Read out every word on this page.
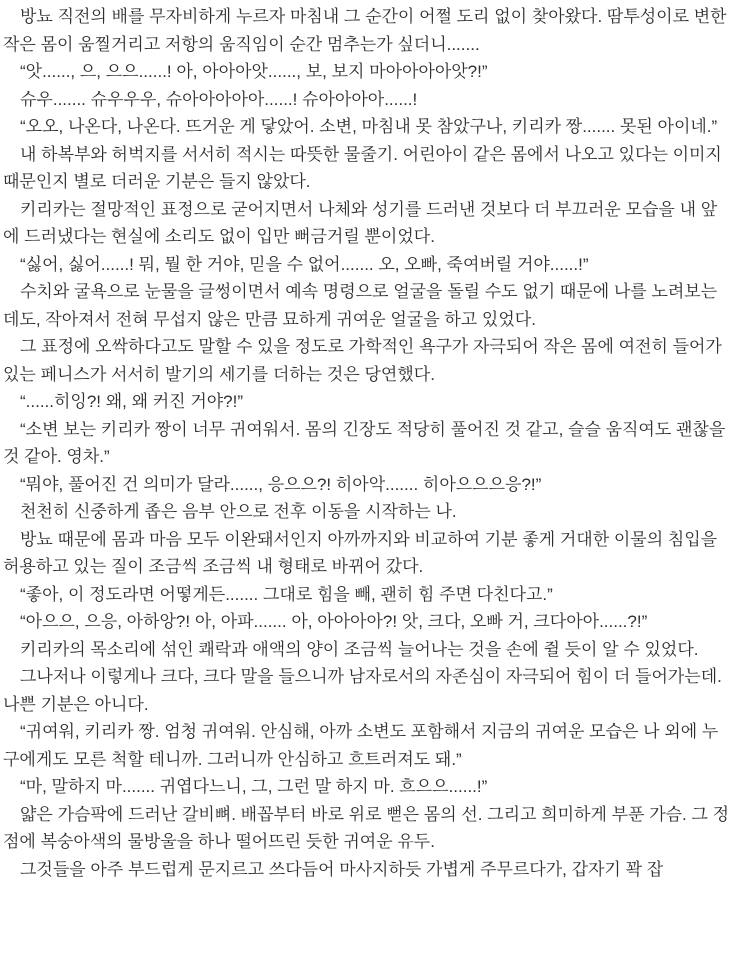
방뇨 직전의 배를 무자비하게 누르자 마침내 그 순간이 어쩔 도리 없이 찾아왔다. 땀투성이로 변한 작은 몸이 움찔거리고 저항의 움직임이 순간 멈추는가 싶더니.......

“앗......, 으, 으으......! 아, 아아아앗......, 보, 보지 마아아아아앗?!”

슈우....... 슈우우우, 슈아아아아아......! 슈아아아아......!

“오오, 나온다, 나온다. 뜨거운 게 닿았어. 소변, 마침내 못 참았구나, 키리카 짱....... 못된 아이네.”

내 하복부와 허벅지를 서서히 적시는 따뜻한 물줄기. 어린아이 같은 몸에서 나오고 있다는 이미지 때문인지 별로 더러운 기분은 들지 않았다.

키리카는 절망적인 표정으로 굳어지면서 나체와 성기를 드러낸 것보다 더 부끄러운 모습을 내 앞에 드러냈다는 현실에 소리도 없이 입만 뻐금거릴 뿐이었다.

“싫어, 싫어......! 뭐, 뭘 한 거야, 믿을 수 없어....... 오, 오빠, 죽여버릴 거야......!”

수치와 굴욕으로 눈물을 글썽이면서 예속 명령으로 얼굴을 돌릴 수도 없기 때문에 나를 노려보는데도, 작아져서 전혀 무섭지 않은 만큼 묘하게 귀여운 얼굴을 하고 있었다.

그 표정에 오싹하다고도 말할 수 있을 정도로 가학적인 욕구가 자극되어 작은 몸에 여전히 들어가 있는 페니스가 서서히 발기의 세기를 더하는 것은 당연했다.

“......히잉?! 왜, 왜 커진 거야?!”

“소변 보는 키리카 짱이 너무 귀여워서. 몸의 긴장도 적당히 풀어진 것 같고, 슬슬 움직여도 괜찮을 것 같아. 영차.”

“뭐야, 풀어진 건 의미가 달라......, 응으으?! 히아악....... 히아으으으응?!”

천천히 신중하게 좁은 음부 안으로 전후 이동을 시작하는 나.

방뇨 때문에 몸과 마음 모두 이완돼서인지 아까까지와 비교하여 기분 좋게 거대한 이물의 침입을 허용하고 있는 질이 조금씩 조금씩 내 형태로 바뀌어 갔다.

“좋아, 이 정도라면 어떻게든....... 그대로 힘을 빼, 괜히 힘 주면 다친다고.”

“아으으, 으응, 아하앙?! 아, 아파....... 아, 아아아아?! 앗, 크다, 오빠 거, 크다아아......?!”

키리카의 목소리에 섞인 쾌락과 애액의 양이 조금씩 늘어나는 것을 손에 쥘 듯이 알 수 있었다.

그나저나 이렇게나 크다, 크다 말을 들으니까 남자로서의 자존심이 자극되어 힘이 더 들어가는데. 나쁜 기분은 아니다.

“귀여워, 키리카 짱. 엄청 귀여워. 안심해, 아까 소변도 포함해서 지금의 귀여운 모습은 나 외에 누구에게도 모른 척할 테니까. 그러니까 안심하고 흐트러져도 돼.”

“마, 말하지 마....... 귀엽다느니, 그, 그런 말 하지 마. 흐으으......!”

얇은 가슴팍에 드러난 갈비뼈. 배꼽부터 바로 위로 뻗은 몸의 선. 그리고 희미하게 부푼 가슴. 그 정점에 복숭아색의 물방울을 하나 떨어뜨린 듯한 귀여운 유두.

그것들을 아주 부드럽게 문지르고 쓰다듬어 마사지하듯 가볍게 주무르다가, 갑자기 꽉 잡
